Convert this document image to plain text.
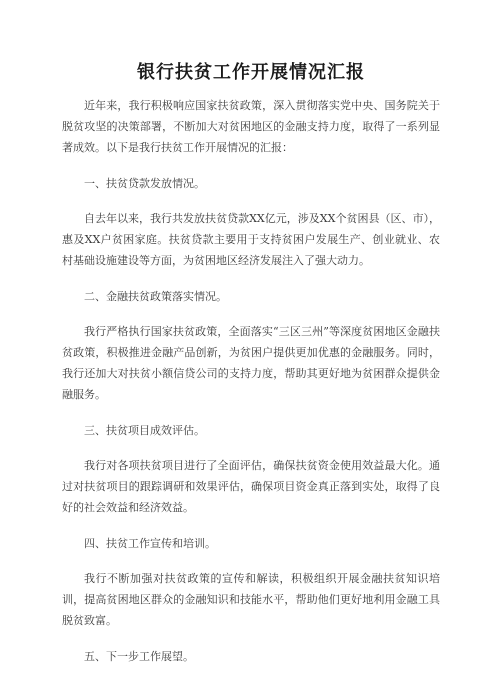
银行扶贫工作开展情况汇报

近年来，我行积极响应国家扶贫政策，深入贯彻落实党中央、国务院关于脱贫攻坚的决策部署，不断加大对贫困地区的金融支持力度，取得了一系列显著成效。以下是我行扶贫工作开展情况的汇报：

一、扶贫贷款发放情况。

自去年以来，我行共发放扶贫贷款XX亿元，涉及XX个贫困县（区、市），惠及XX户贫困家庭。扶贫贷款主要用于支持贫困户发展生产、创业就业、农村基础设施建设等方面，为贫困地区经济发展注入了强大动力。

二、金融扶贫政策落实情况。

我行严格执行国家扶贫政策，全面落实“三区三州”等深度贫困地区金融扶贫政策，积极推进金融产品创新，为贫困户提供更加优惠的金融服务。同时，我行还加大对扶贫小额信贷公司的支持力度，帮助其更好地为贫困群众提供金融服务。

三、扶贫项目成效评估。

我行对各项扶贫项目进行了全面评估，确保扶贫资金使用效益最大化。通过对扶贫项目的跟踪调研和效果评估，确保项目资金真正落到实处，取得了良好的社会效益和经济效益。

四、扶贫工作宣传和培训。

我行不断加强对扶贫政策的宣传和解读，积极组织开展金融扶贫知识培训，提高贫困地区群众的金融知识和技能水平，帮助他们更好地利用金融工具脱贫致富。

五、下一步工作展望。
